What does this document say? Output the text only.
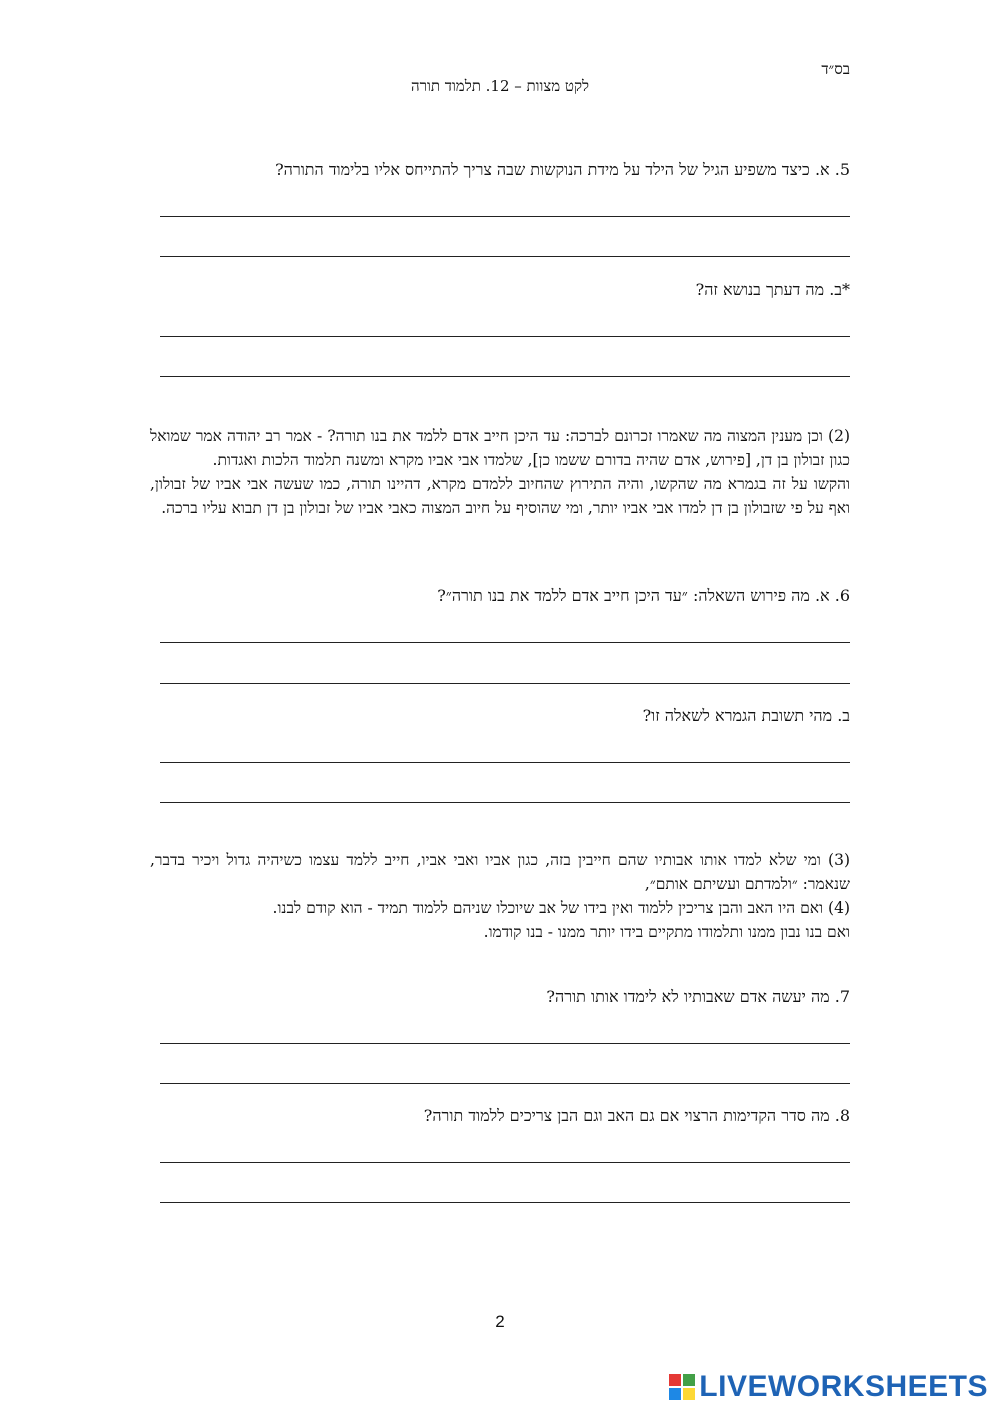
בס״ד
לקט מצוות – 12. תלמוד תורה
5. א. כיצד משפיע הגיל של הילד על מידת הנוקשות שבה צריך להתייחס אליו בלימוד התורה?
*ב. מה דעתך בנושא זה?

(2) וכן מענין המצוה מה שאמרו זכרונם לברכה: עד היכן חייב אדם ללמד את בנו תורה? - אמר רב יהודה אמר שמואל כגון זבולון בן דן, [פירוש, אדם שהיה בדורם ששמו כן], שלמדו אבי אביו מקרא ומשנה תלמוד הלכות ואגדות.

והקשו על זה בגמרא מה שהקשו, והיה התירוץ שהחיוב ללמדם מקרא, דהיינו תורה, כמו שעשה אבי אביו של זבולון, ואף על פי שזבולון בן דן למדו אבי אביו יותר, ומי שהוסיף על חיוב המצוה כאבי אביו של זבולון בן דן תבוא עליו ברכה.

6. א. מה פירוש השאלה: ״עד היכן חייב אדם ללמד את בנו תורה״?
ב. מהי תשובת הגמרא לשאלה זו?

(3) ומי שלא למדו אותו אבותיו שהם חייבין בזה, כגון אביו ואבי אביו, חייב ללמד עצמו כשיהיה גדול ויכיר בדבר, שנאמר: ״ולמדתם ועשיתם אותם״,

(4) ואם היו האב והבן צריכין ללמוד ואין בידו של אב שיוכלו שניהם ללמוד תמיד - הוא קודם לבנו.

ואם בנו נבון ממנו ותלמודו מתקיים בידו יותר ממנו - בנו קודמו.

7. מה יעשה אדם שאבותיו לא לימדו אותו תורה?
8. מה סדר הקדימות הרצוי אם גם האב וגם הבן צריכים ללמוד תורה?
2
LIVEWORKSHEETS
